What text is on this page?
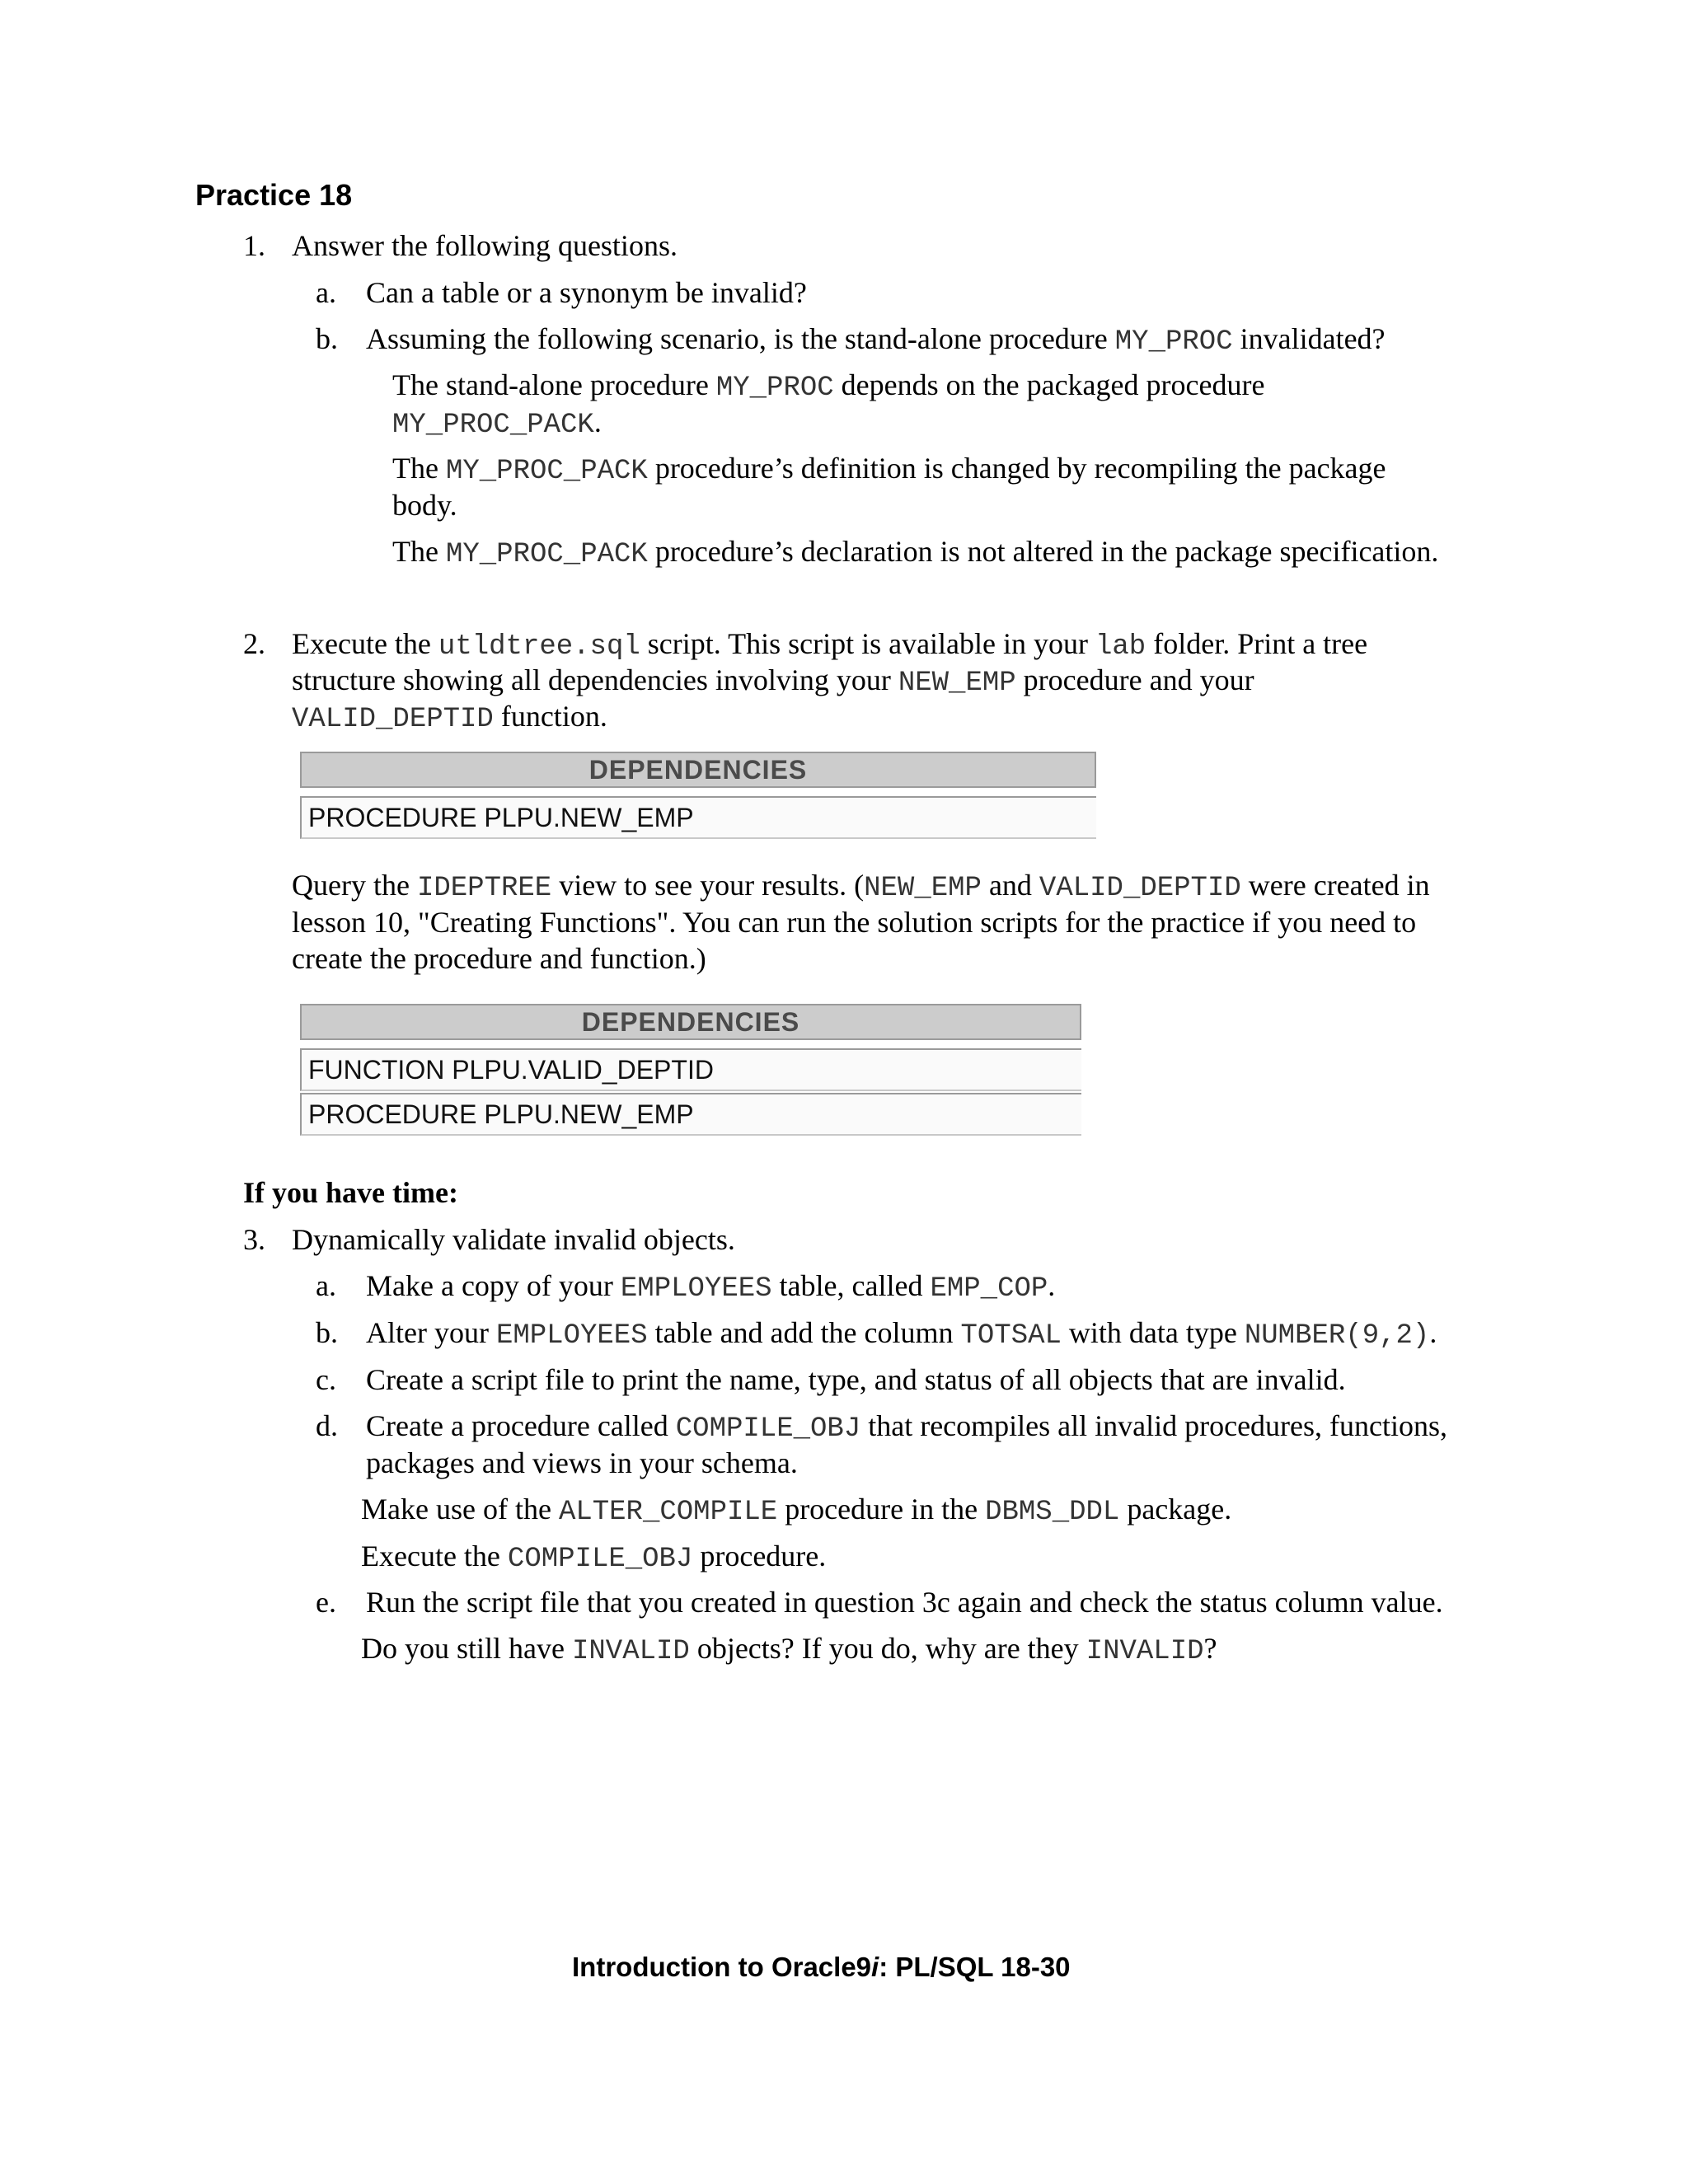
Practice 18
1. Answer the following questions.
a. Can a table or a synonym be invalid?
b. Assuming the following scenario, is the stand-alone procedure MY_PROC invalidated?
The stand-alone procedure MY_PROC depends on the packaged procedure
MY_PROC_PACK.
The MY_PROC_PACK procedure’s definition is changed by recompiling the package
body.
The MY_PROC_PACK procedure’s declaration is not altered in the package specification.
2. Execute the utldtree.sql script. This script is available in your lab folder. Print a tree
structure showing all dependencies involving your NEW_EMP procedure and your
VALID_DEPTID function.
DEPENDENCIES
PROCEDURE PLPU.NEW_EMP
Query the IDEPTREE view to see your results. (NEW_EMP and VALID_DEPTID were created in
lesson 10, "Creating Functions". You can run the solution scripts for the practice if you need to
create the procedure and function.)
DEPENDENCIES
FUNCTION PLPU.VALID_DEPTID
PROCEDURE PLPU.NEW_EMP
If you have time:
3. Dynamically validate invalid objects.
a. Make a copy of your EMPLOYEES table, called EMP_COP.
b. Alter your EMPLOYEES table and add the column TOTSAL with data type NUMBER(9,2).
c. Create a script file to print the name, type, and status of all objects that are invalid.
d. Create a procedure called COMPILE_OBJ that recompiles all invalid procedures, functions,
packages and views in your schema.
Make use of the ALTER_COMPILE procedure in the DBMS_DDL package.
Execute the COMPILE_OBJ procedure.
e. Run the script file that you created in question 3c again and check the status column value.
Do you still have INVALID objects? If you do, why are they INVALID?
Introduction to Oracle9i: PL/SQL 18-30
